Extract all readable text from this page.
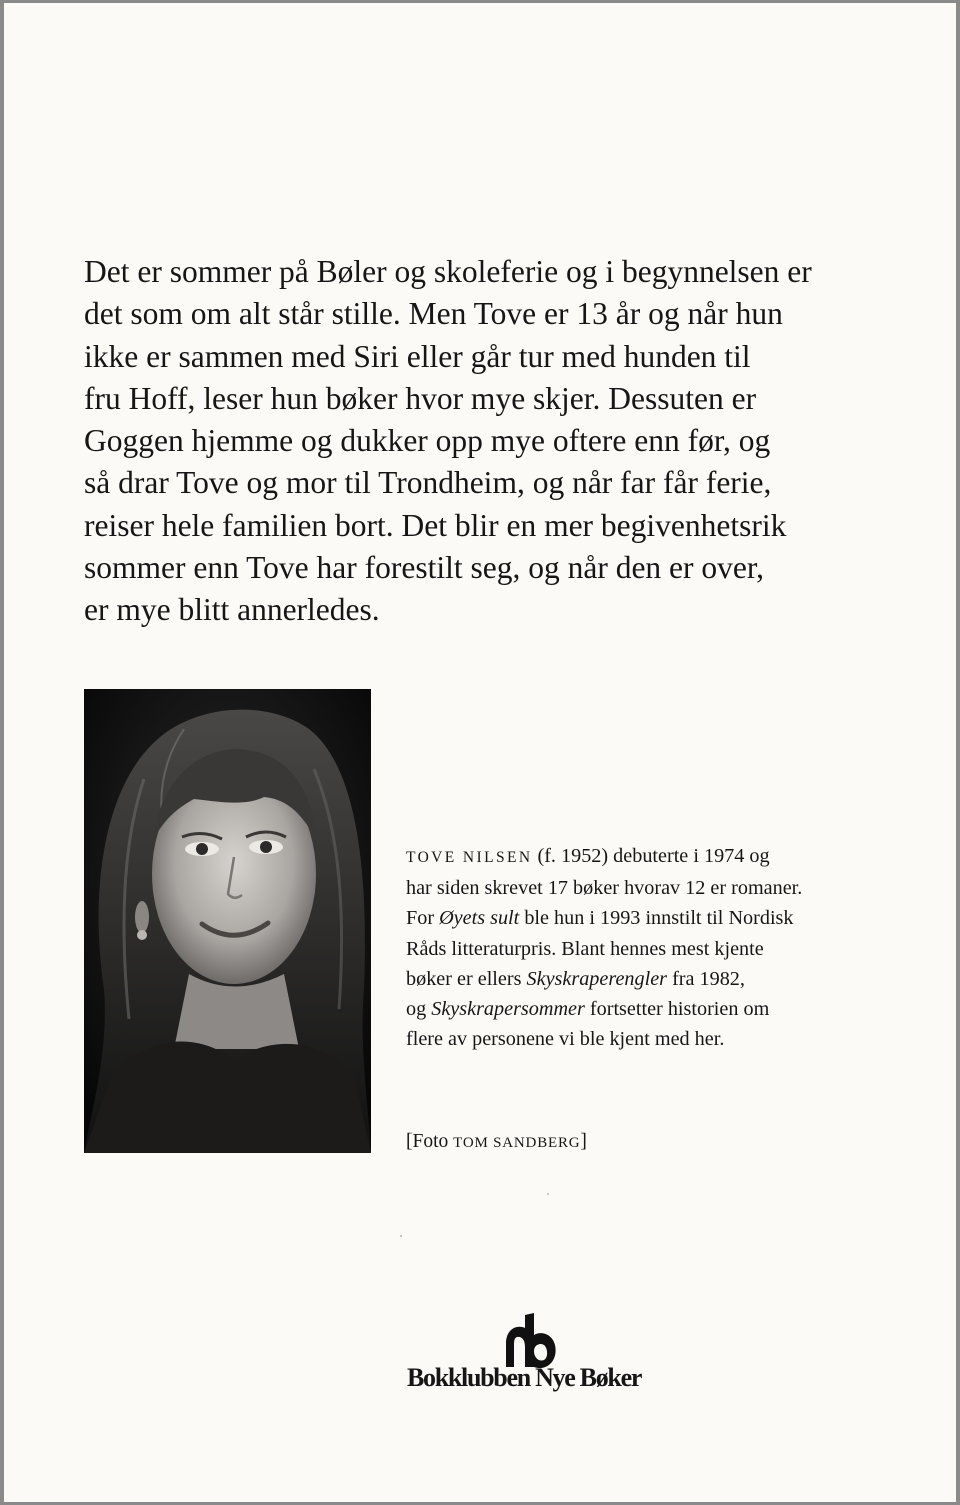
Det er sommer på Bøler og skoleferie og i begynnelsen er
det som om alt står stille. Men Tove er 13 år og når hun
ikke er sammen med Siri eller går tur med hunden til
fru Hoff, leser hun bøker hvor mye skjer. Dessuten er
Goggen hjemme og dukker opp mye oftere enn før, og
så drar Tove og mor til Trondheim, og når far får ferie,
reiser hele familien bort. Det blir en mer begivenhetsrik
sommer enn Tove har forestilt seg, og når den er over,
er mye blitt annerledes.

TOVE NILSEN (f. 1952) debuterte i 1974 og
har siden skrevet 17 bøker hvorav 12 er romaner.
For Øyets sult ble hun i 1993 innstilt til Nordisk
Råds litteraturpris. Blant hennes mest kjente
bøker er ellers Skyskraperengler fra 1982,
og Skyskrapersommer fortsetter historien om
flere av personene vi ble kjent med her.

[Foto TOM SANDBERG]
Bokklubben Nye Bøker
